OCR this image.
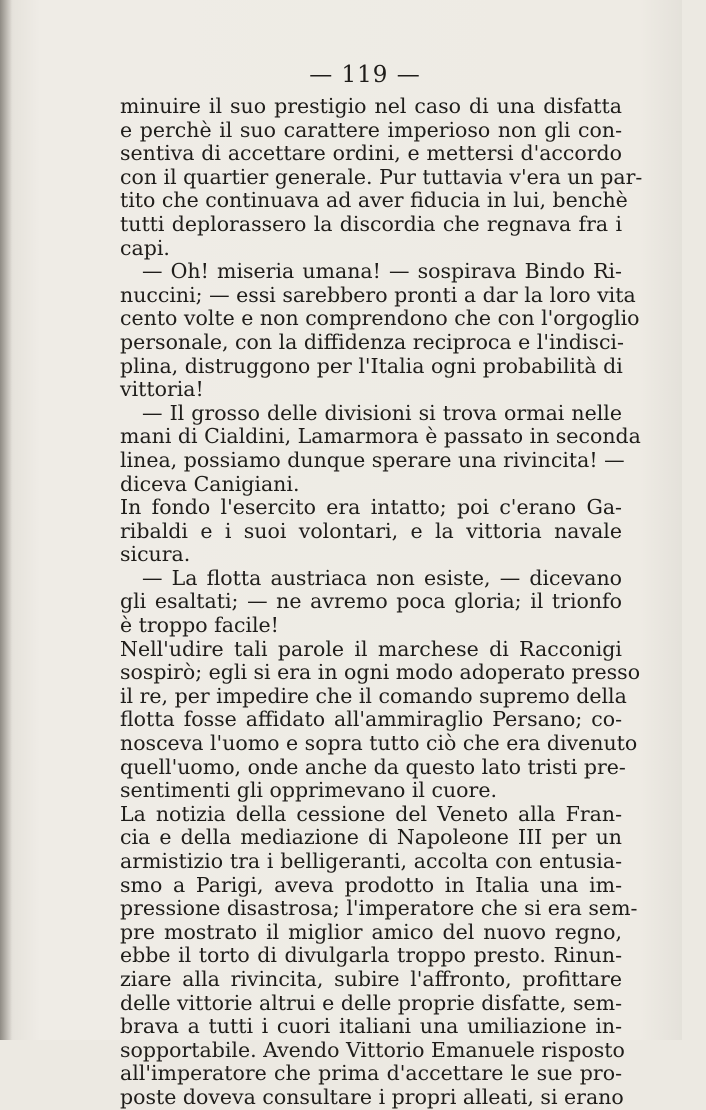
— 119 —
minuire il suo prestigio nel caso di una disfatta
e perchè il suo carattere imperioso non gli con-
sentiva di accettare ordini, e mettersi d'accordo
con il quartier generale. Pur tuttavia v'era un par-
tito che continuava ad aver fiducia in lui, benchè
tutti deplorassero la discordia che regnava fra i
capi.
— Oh! miseria umana! — sospirava Bindo Ri-
nuccini; — essi sarebbero pronti a dar la loro vita
cento volte e non comprendono che con l'orgoglio
personale, con la diffidenza reciproca e l'indisci-
plina, distruggono per l'Italia ogni probabilità di
vittoria!
— Il grosso delle divisioni si trova ormai nelle
mani di Cialdini, Lamarmora è passato in seconda
linea, possiamo dunque sperare una rivincita! —
diceva Canigiani.
In fondo l'esercito era intatto; poi c'erano Ga-
ribaldi e i suoi volontari, e la vittoria navale
sicura.
— La flotta austriaca non esiste, — dicevano
gli esaltati; — ne avremo poca gloria; il trionfo
è troppo facile!
Nell'udire tali parole il marchese di Racconigi
sospirò; egli si era in ogni modo adoperato presso
il re, per impedire che il comando supremo della
flotta fosse affidato all'ammiraglio Persano; co-
nosceva l'uomo e sopra tutto ciò che era divenuto
quell'uomo, onde anche da questo lato tristi pre-
sentimenti gli opprimevano il cuore.
La notizia della cessione del Veneto alla Fran-
cia e della mediazione di Napoleone III per un
armistizio tra i belligeranti, accolta con entusia-
smo a Parigi, aveva prodotto in Italia una im-
pressione disastrosa; l'imperatore che si era sem-
pre mostrato il miglior amico del nuovo regno,
ebbe il torto di divulgarla troppo presto. Rinun-
ziare alla rivincita, subire l'affronto, profittare
delle vittorie altrui e delle proprie disfatte, sem-
brava a tutti i cuori italiani una umiliazione in-
sopportabile. Avendo Vittorio Emanuele risposto
all'imperatore che prima d'accettare le sue pro-
poste doveva consultare i propri alleati, si erano
